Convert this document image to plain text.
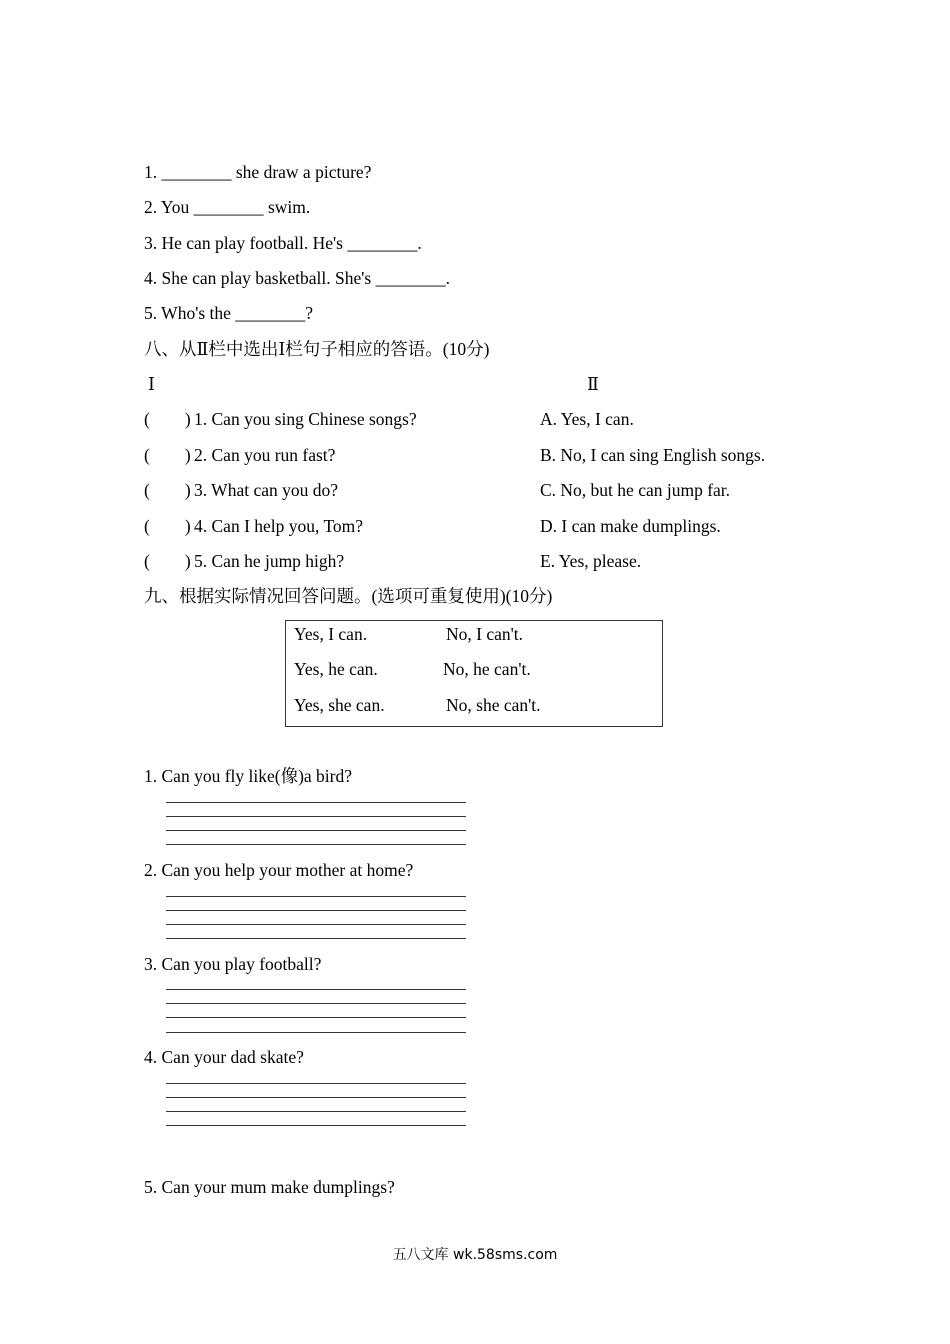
1. ________ she draw a picture?
2. You ________ swim.
3. He can play football. He's ________.
4. She can play basketball. She's ________.
5. Who's the ________?
八、从Ⅱ栏中选出Ⅰ栏句子相应的答语。(10分)
Ⅰ	Ⅱ
(　　) 1. Can you sing Chinese songs?	A. Yes, I can.
(　　) 2. Can you run fast?	B. No, I can sing English songs.
(　　) 3. What can you do?	C. No, but he can jump far.
(　　) 4. Can I help you, Tom?	D. I can make dumplings.
(　　) 5. Can he jump high?	E. Yes, please.
九、根据实际情况回答问题。(选项可重复使用)(10分)
Yes, I can.	No, I can't.
Yes, he can.	No, he can't.
Yes, she can.	No, she can't.
1. Can you fly like(像)a bird?
2. Can you help your mother at home?
3. Can you play football?
4. Can your dad skate?
5. Can your mum make dumplings?
五八文库 wk.58sms.com
